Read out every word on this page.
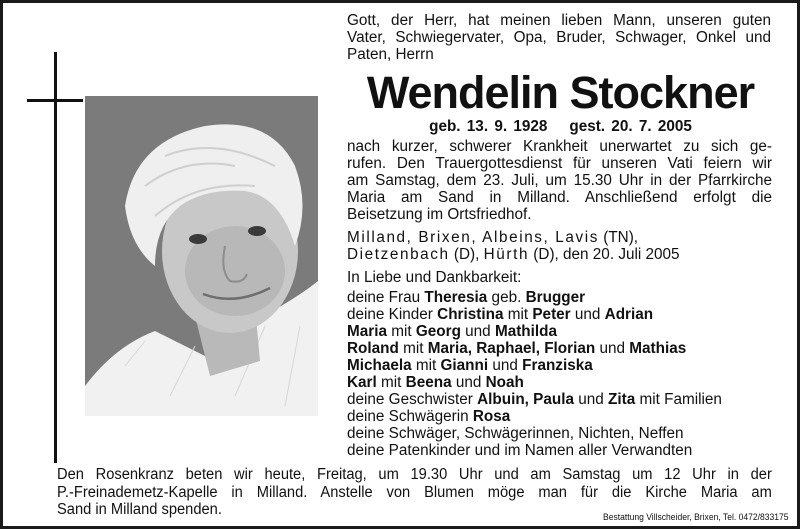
Gott, der Herr, hat meinen lieben Mann, unseren guten
Vater, Schwiegervater, Opa, Bruder, Schwager, Onkel und
Paten, Herrn
Wendelin Stockner
geb. 13. 9. 1928 gest. 20. 7. 2005
nach kurzer, schwerer Krankheit unerwartet zu sich ge-
rufen. Den Trauergottesdienst für unseren Vati feiern wir
am Samstag, dem 23. Juli, um 15.30 Uhr in der Pfarrkirche
Maria am Sand in Milland. Anschließend erfolgt die
Beisetzung im Ortsfriedhof.
Milland, Brixen, Albeins, Lavis (TN),
Dietzenbach (D), Hürth (D), den 20. Juli 2005
In Liebe und Dankbarkeit:
deine Frau Theresia geb. Brugger
deine Kinder Christina mit Peter und Adrian
Maria mit Georg und Mathilda
Roland mit Maria, Raphael, Florian und Mathias
Michaela mit Gianni und Franziska
Karl mit Beena und Noah
deine Geschwister Albuin, Paula und Zita mit Familien
deine Schwägerin Rosa
deine Schwäger, Schwägerinnen, Nichten, Neffen
deine Patenkinder und im Namen aller Verwandten
Den Rosenkranz beten wir heute, Freitag, um 19.30 Uhr und am Samstag um 12 Uhr in der
P.-Freinademetz-Kapelle in Milland. Anstelle von Blumen möge man für die Kirche Maria am
Sand in Milland spenden.	Bestattung Villscheider, Brixen, Tel. 0472/833175
